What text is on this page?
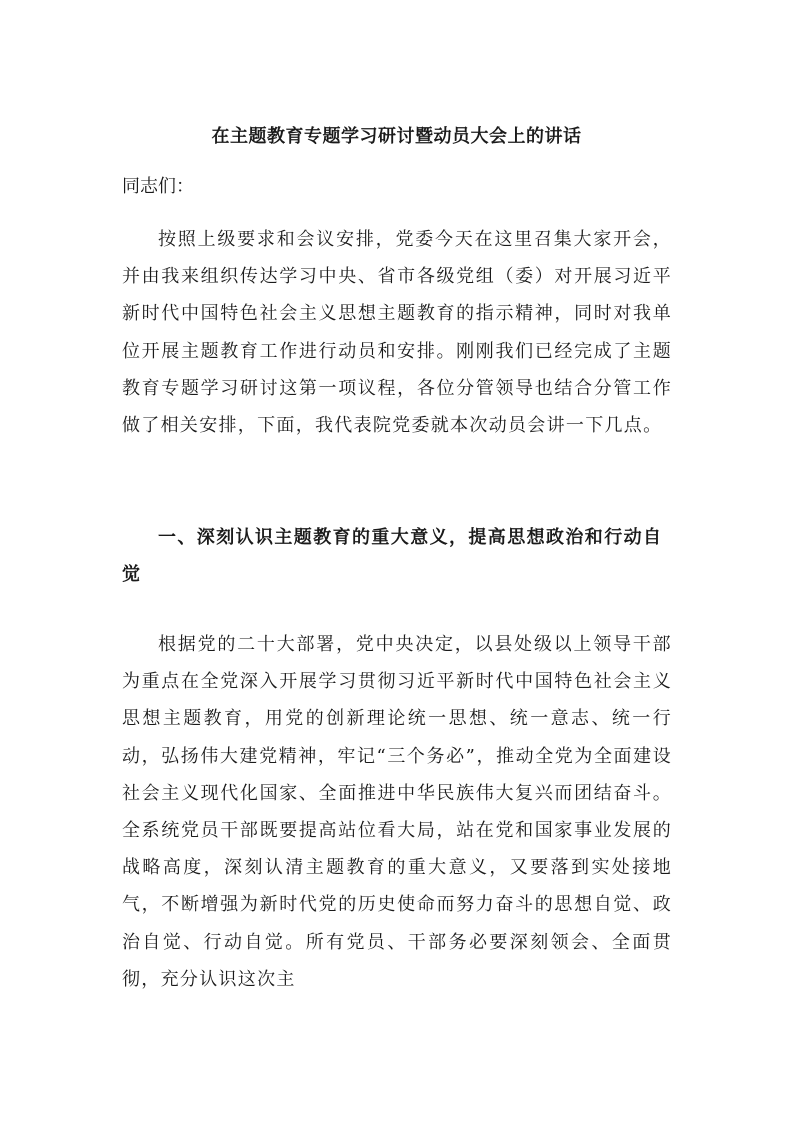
在主题教育专题学习研讨暨动员大会上的讲话

同志们：

按照上级要求和会议安排，党委今天在这里召集大家开会，并由我来组织传达学习中央、省市各级党组（委）对开展习近平新时代中国特色社会主义思想主题教育的指示精神，同时对我单位开展主题教育工作进行动员和安排。刚刚我们已经完成了主题教育专题学习研讨这第一项议程，各位分管领导也结合分管工作做了相关安排，下面，我代表院党委就本次动员会讲一下几点。

一、深刻认识主题教育的重大意义，提高思想政治和行动自觉

根据党的二十大部署，党中央决定，以县处级以上领导干部为重点在全党深入开展学习贯彻习近平新时代中国特色社会主义思想主题教育，用党的创新理论统一思想、统一意志、统一行动，弘扬伟大建党精神，牢记“三个务必”，推动全党为全面建设社会主义现代化国家、全面推进中华民族伟大复兴而团结奋斗。全系统党员干部既要提高站位看大局，站在党和国家事业发展的战略高度，深刻认清主题教育的重大意义，又要落到实处接地气，不断增强为新时代党的历史使命而努力奋斗的思想自觉、政治自觉、行动自觉。所有党员、干部务必要深刻领会、全面贯彻，充分认识这次主
